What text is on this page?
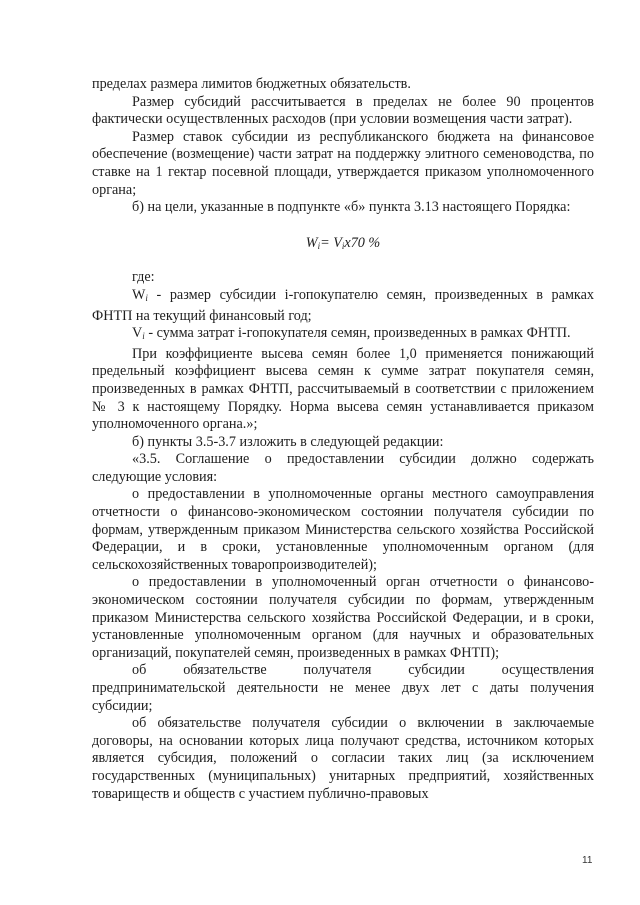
пределах размера лимитов бюджетных обязательств.

Размер субсидий рассчитывается в пределах не более 90 процентов фактически осуществленных расходов (при условии возмещения части затрат).

Размер ставок субсидии из республиканского бюджета на финансовое обеспечение (возмещение) части затрат на поддержку элитного семеноводства, по ставке на 1 гектар посевной площади, утверждается приказом уполномоченного органа;

б) на цели, указанные в подпункте «б» пункта 3.13 настоящего Порядка:

$W_i= V_iх70$ %

где:

$W_i$ - размер субсидии i-гопокупателю семян, произведенных в рамках ФНТП на текущий финансовый год;

$V_i$ - сумма затрат i-гопокупателя семян, произведенных в рамках ФНТП.

При коэффициенте высева семян более 1,0 применяется понижающий предельный коэффициент высева семян к сумме затрат покупателя семян, произведенных в рамках ФНТП, рассчитываемый в соответствии с приложением № 3 к настоящему Порядку. Норма высева семян устанавливается приказом уполномоченного органа.»;

б) пункты 3.5-3.7 изложить в следующей редакции:

«3.5. Соглашение о предоставлении субсидии должно содержать следующие условия:

о предоставлении в уполномоченные органы местного самоуправления отчетности о финансово-экономическом состоянии получателя субсидии по формам, утвержденным приказом Министерства сельского хозяйства Российской Федерации, и в сроки, установленные уполномоченным органом (для сельскохозяйственных товаропроизводителей);

о предоставлении в уполномоченный орган отчетности о финансово-экономическом состоянии получателя субсидии по формам, утвержденным приказом Министерства сельского хозяйства Российской Федерации, и в сроки, установленные уполномоченным органом (для научных и образовательных организаций, покупателей семян, произведенных в рамках ФНТП);

об обязательстве получателя субсидии осуществления предпринимательской деятельности не менее двух лет с даты получения субсидии;

об обязательстве получателя субсидии о включении в заключаемые договоры, на основании которых лица получают средства, источником которых является субсидия, положений о согласии таких лиц (за исключением государственных (муниципальных) унитарных предприятий, хозяйственных товариществ и обществ с участием публично-правовых

11
